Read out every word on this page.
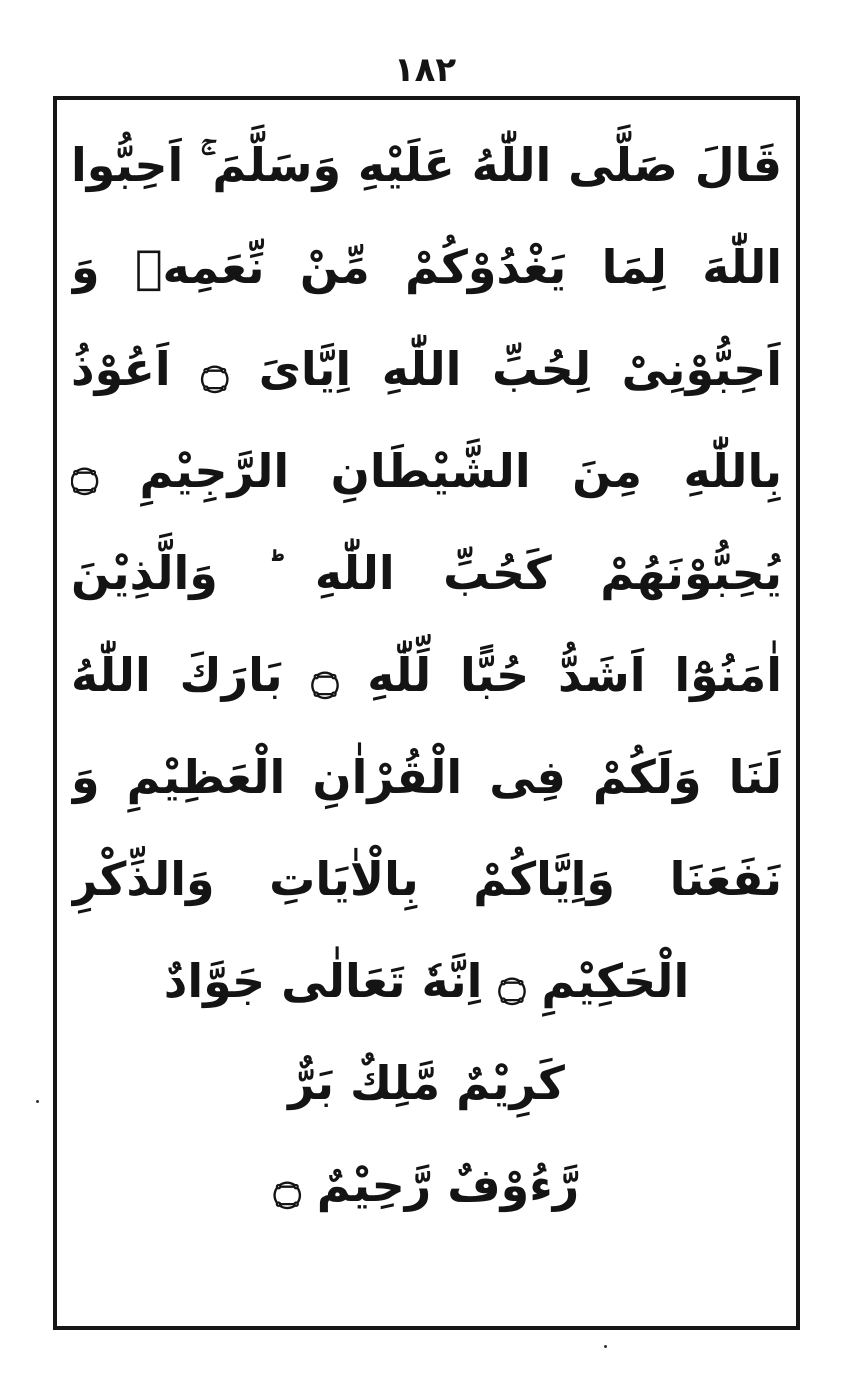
١٨٢
قَالَ صَلَّى اللّٰهُ عَلَيْهِ وَسَلَّمَ ۚ اَحِبُّوا
اللّٰهَ لِمَا يَغْدُوْكُمْ مِّنْ نِّعَمِهٖ وَ
اَحِبُّوْنِىْ لِحُبِّ اللّٰهِ اِيَّاىَ ۝ اَعُوْذُ
بِاللّٰهِ مِنَ الشَّيْطَانِ الرَّجِيْمِ ۝
يُحِبُّوْنَهُمْ كَحُبِّ اللّٰهِ ؕ وَالَّذِيْنَ
اٰمَنُوْٓا اَشَدُّ حُبًّا لِّلّٰهِ ۝ بَارَكَ اللّٰهُ
لَنَا وَلَكُمْ فِى الْقُرْاٰنِ الْعَظِيْمِ وَ
نَفَعَنَا وَاِيَّاكُمْ بِالْاٰيَاتِ وَالذِّكْرِ
الْحَكِيْمِ ۝ اِنَّهٗ تَعَالٰى جَوَّادٌ
كَرِيْمٌ مَّلِكٌ بَرٌّ
رَّءُوْفٌ رَّحِيْمٌ ۝
